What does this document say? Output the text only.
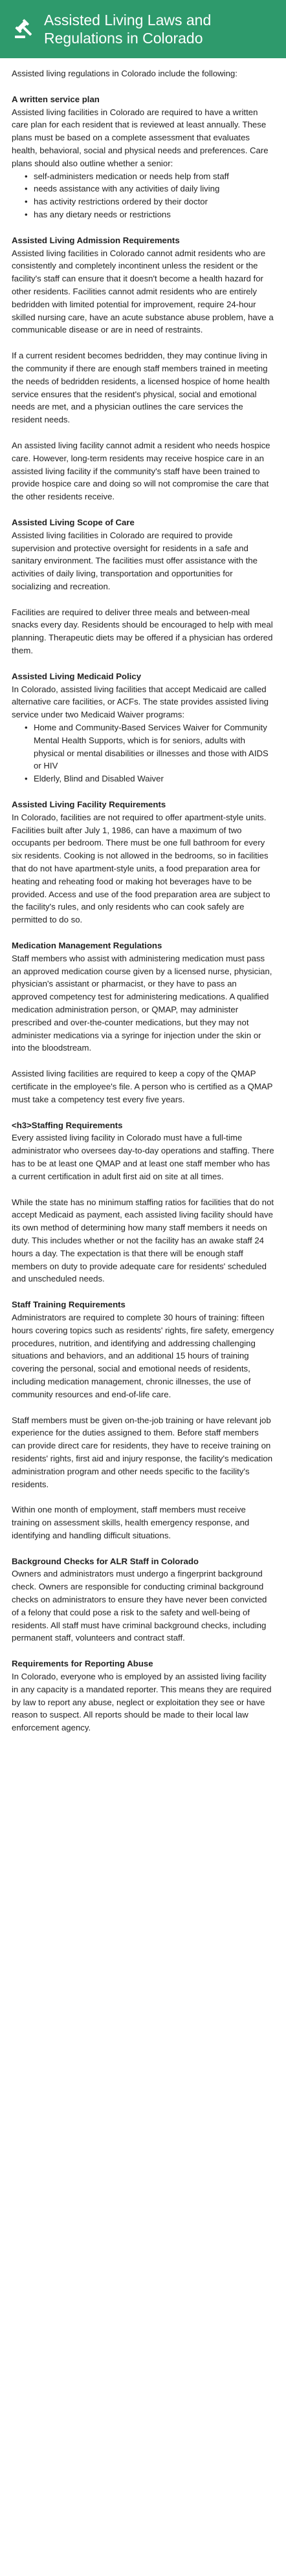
Assisted Living Laws and Regulations in Colorado

Assisted living regulations in Colorado include the following:

A written service plan

Assisted living facilities in Colorado are required to have a written care plan for each resident that is reviewed at least annually. These plans must be based on a complete assessment that evaluates health, behavioral, social and physical needs and preferences. Care plans should also outline whether a senior:

• self-administers medication or needs help from staff
• needs assistance with any activities of daily living
• has activity restrictions ordered by their doctor
• has any dietary needs or restrictions
Assisted Living Admission Requirements

Assisted living facilities in Colorado cannot admit residents who are consistently and completely incontinent unless the resident or the facility's staff can ensure that it doesn't become a health hazard for other residents. Facilities cannot admit residents who are entirely bedridden with limited potential for improvement, require 24-hour skilled nursing care, have an acute substance abuse problem, have a communicable disease or are in need of restraints.

If a current resident becomes bedridden, they may continue living in the community if there are enough staff members trained in meeting the needs of bedridden residents, a licensed hospice of home health service ensures that the resident's physical, social and emotional needs are met, and a physician outlines the care services the resident needs.

An assisted living facility cannot admit a resident who needs hospice care. However, long-term residents may receive hospice care in an assisted living facility if the community's staff have been trained to provide hospice care and doing so will not compromise the care that the other residents receive.

Assisted Living Scope of Care

Assisted living facilities in Colorado are required to provide supervision and protective oversight for residents in a safe and sanitary environment. The facilities must offer assistance with the activities of daily living, transportation and opportunities for socializing and recreation.

Facilities are required to deliver three meals and between-meal snacks every day. Residents should be encouraged to help with meal planning. Therapeutic diets may be offered if a physician has ordered them.

Assisted Living Medicaid Policy

In Colorado, assisted living facilities that accept Medicaid are called alternative care facilities, or ACFs. The state provides assisted living service under two Medicaid Waiver programs:

• Home and Community-Based Services Waiver for Community Mental Health Supports, which is for seniors, adults with physical or mental disabilities or illnesses and those with AIDS or HIV
• Elderly, Blind and Disabled Waiver
Assisted Living Facility Requirements

In Colorado, facilities are not required to offer apartment-style units. Facilities built after July 1, 1986, can have a maximum of two occupants per bedroom. There must be one full bathroom for every six residents. Cooking is not allowed in the bedrooms, so in facilities that do not have apartment-style units, a food preparation area for heating and reheating food or making hot beverages have to be provided. Access and use of the food preparation area are subject to the facility's rules, and only residents who can cook safely are permitted to do so.

Medication Management Regulations

Staff members who assist with administering medication must pass an approved medication course given by a licensed nurse, physician, physician's assistant or pharmacist, or they have to pass an approved competency test for administering medications. A qualified medication administration person, or QMAP, may administer prescribed and over-the-counter medications, but they may not administer medications via a syringe for injection under the skin or into the bloodstream.

Assisted living facilities are required to keep a copy of the QMAP certificate in the employee's file. A person who is certified as a QMAP must take a competency test every five years.

<h3>Staffing Requirements

Every assisted living facility in Colorado must have a full-time administrator who oversees day-to-day operations and staffing. There has to be at least one QMAP and at least one staff member who has a current certification in adult first aid on site at all times.

While the state has no minimum staffing ratios for facilities that do not accept Medicaid as payment, each assisted living facility should have its own method of determining how many staff members it needs on duty. This includes whether or not the facility has an awake staff 24 hours a day. The expectation is that there will be enough staff members on duty to provide adequate care for residents' scheduled and unscheduled needs.

Staff Training Requirements

Administrators are required to complete 30 hours of training: fifteen hours covering topics such as residents' rights, fire safety, emergency procedures, nutrition, and identifying and addressing challenging situations and behaviors, and an additional 15 hours of training covering the personal, social and emotional needs of residents, including medication management, chronic illnesses, the use of community resources and end-of-life care.

Staff members must be given on-the-job training or have relevant job experience for the duties assigned to them. Before staff members can provide direct care for residents, they have to receive training on residents' rights, first aid and injury response, the facility's medication administration program and other needs specific to the facility's residents.

Within one month of employment, staff members must receive training on assessment skills, health emergency response, and identifying and handling difficult situations.

Background Checks for ALR Staff in Colorado

Owners and administrators must undergo a fingerprint background check. Owners are responsible for conducting criminal background checks on administrators to ensure they have never been convicted of a felony that could pose a risk to the safety and well-being of residents. All staff must have criminal background checks, including permanent staff, volunteers and contract staff.

Requirements for Reporting Abuse

In Colorado, everyone who is employed by an assisted living facility in any capacity is a mandated reporter. This means they are required by law to report any abuse, neglect or exploitation they see or have reason to suspect. All reports should be made to their local law enforcement agency.
